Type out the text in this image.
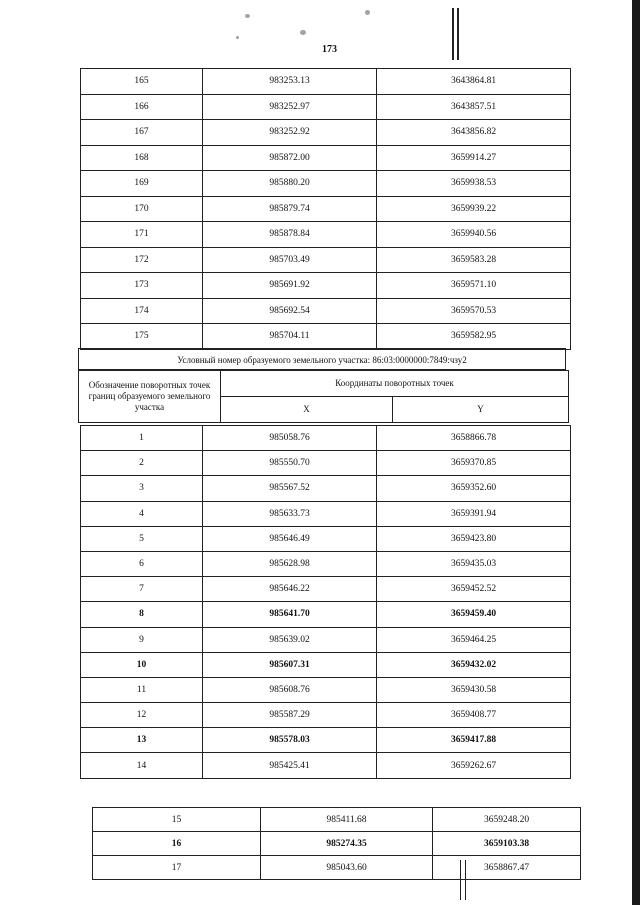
173
165	983253.13	3643864.81
166	983252.97	3643857.51
167	983252.92	3643856.82
168	985872.00	3659914.27
169	985880.20	3659938.53
170	985879.74	3659939.22
171	985878.84	3659940.56
172	985703.49	3659583.28
173	985691.92	3659571.10
174	985692.54	3659570.53
175	985704.11	3659582.95
Условный номер образуемого земельного участка: 86:03:0000000:7849:чзу2
Обозначение поворотных точек границ образуемого земельного участка	Координаты поворотных точек	
	X	Y
1	985058.76	3658866.78
2	985550.70	3659370.85
3	985567.52	3659352.60
4	985633.73	3659391.94
5	985646.49	3659423.80
6	985628.98	3659435.03
7	985646.22	3659452.52
8	985641.70	3659459.40
9	985639.02	3659464.25
10	985607.31	3659432.02
11	985608.76	3659430.58
12	985587.29	3659408.77
13	985578.03	3659417.88
14	985425.41	3659262.67
15	985411.68	3659248.20
16	985274.35	3659103.38
17	985043.60	3658867.47
